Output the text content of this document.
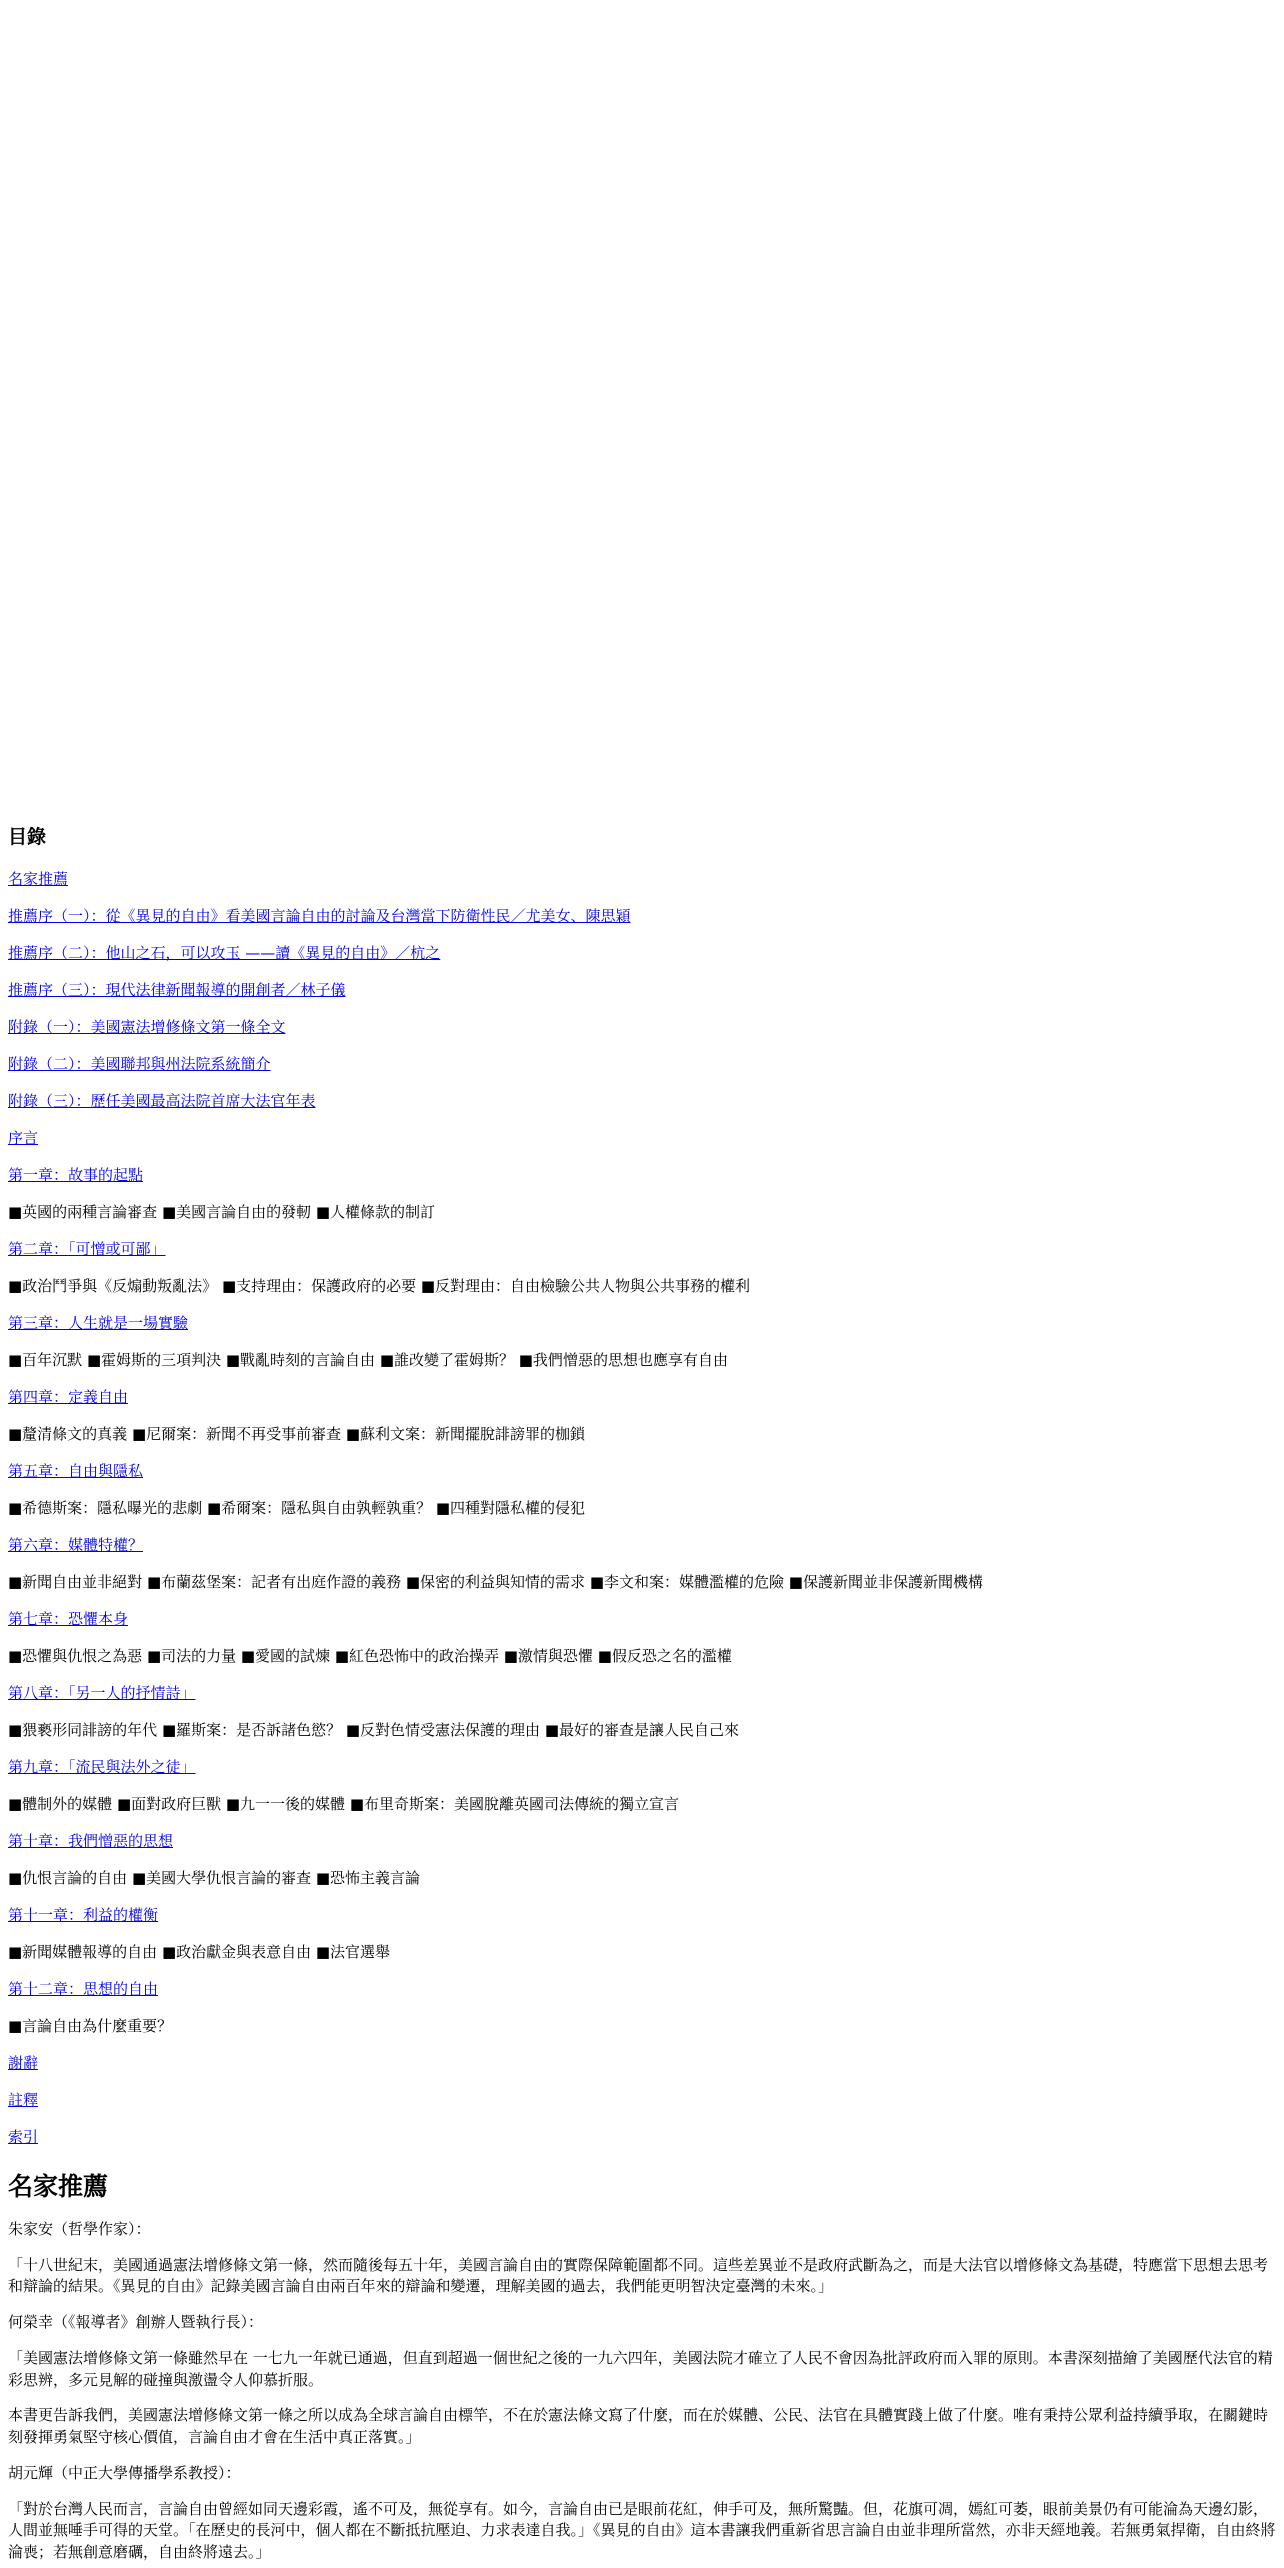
目錄
名家推薦
推薦序（一）：從《異見的自由》看美國言論自由的討論及台灣當下防衛性民／尤美女、陳思穎
推薦序（二）：他山之石，可以攻玉 ——讀《異見的自由》／杭之
推薦序（三）：現代法律新聞報導的開創者／林子儀
附錄（一）：美國憲法增修條文第一條全文
附錄（二）：美國聯邦與州法院系統簡介
附錄（三）：歷任美國最高法院首席大法官年表
序言
第一章：故事的起點
■英國的兩種言論審查 ■美國言論自由的發軔 ■人權條款的制訂
第二章：「可憎或可鄙」
■政治鬥爭與《反煽動叛亂法》 ■支持理由：保護政府的必要 ■反對理由：自由檢驗公共人物與公共事務的權利
第三章：人生就是一場實驗
■百年沉默 ■霍姆斯的三項判決 ■戰亂時刻的言論自由 ■誰改變了霍姆斯？ ■我們憎惡的思想也應享有自由
第四章：定義自由
■釐清條文的真義 ■尼爾案：新聞不再受事前審查 ■蘇利文案：新聞擺脫誹謗罪的枷鎖
第五章：自由與隱私
■希德斯案：隱私曝光的悲劇 ■希爾案：隱私與自由孰輕孰重？ ■四種對隱私權的侵犯
第六章：媒體特權？
■新聞自由並非絕對 ■布蘭茲堡案：記者有出庭作證的義務 ■保密的利益與知情的需求 ■李文和案：媒體濫權的危險 ■保護新聞並非保護新聞機構
第七章：恐懼本身
■恐懼與仇恨之為惡 ■司法的力量 ■愛國的試煉 ■紅色恐怖中的政治操弄 ■激情與恐懼 ■假反恐之名的濫權
第八章：「另一人的抒情詩」
■猥褻形同誹謗的年代 ■羅斯案：是否訴諸色慾？ ■反對色情受憲法保護的理由 ■最好的審查是讓人民自己來
第九章：「流民與法外之徒」
■體制外的媒體 ■面對政府巨獸 ■九一一後的媒體 ■布里奇斯案：美國脫離英國司法傳統的獨立宣言
第十章：我們憎惡的思想
■仇恨言論的自由 ■美國大學仇恨言論的審查 ■恐怖主義言論
第十一章：利益的權衡
■新聞媒體報導的自由 ■政治獻金與表意自由 ■法官選舉
第十二章：思想的自由
■言論自由為什麼重要？
謝辭
註釋
索引
名家推薦

朱家安（哲學作家）：

「十八世紀末，美國通過憲法增修條文第一條，然而隨後每五十年，美國言論自由的實際保障範圍都不同。這些差異並不是政府武斷為之，而是大法官以增修條文為基礎，特應當下思想去思考和辯論的結果。《異見的自由》記錄美國言論自由兩百年來的辯論和變遷，理解美國的過去，我們能更明智決定臺灣的未來。」

何榮幸（《報導者》創辦人暨執行長）：

「美國憲法增修條文第一條雖然早在 一七九一年就已通過，但直到超過一個世紀之後的一九六四年，美國法院才確立了人民不會因為批評政府而入罪的原則。本書深刻描繪了美國歷代法官的精彩思辨，多元見解的碰撞與激盪令人仰慕折服。

本書更告訴我們，美國憲法增修條文第一條之所以成為全球言論自由標竿，不在於憲法條文寫了什麼，而在於媒體、公民、法官在具體實踐上做了什麼。唯有秉持公眾利益持續爭取，在關鍵時刻發揮勇氣堅守核心價值，言論自由才會在生活中真正落實。」

胡元輝（中正大學傳播學系教授）：

「對於台灣人民而言，言論自由曾經如同天邊彩霞，遙不可及，無從享有。如今，言論自由已是眼前花紅，伸手可及，無所驚豔。但，花旗可凋，嫣紅可萎，眼前美景仍有可能淪為天邊幻影，人間並無唾手可得的天堂。「在歷史的長河中，個人都在不斷抵抗壓迫、力求表達自我。」《異見的自由》這本書讓我們重新省思言論自由並非理所當然，亦非天經地義。若無勇氣捍衛，自由終將淪喪；若無創意磨礪，自由終將遠去。」
